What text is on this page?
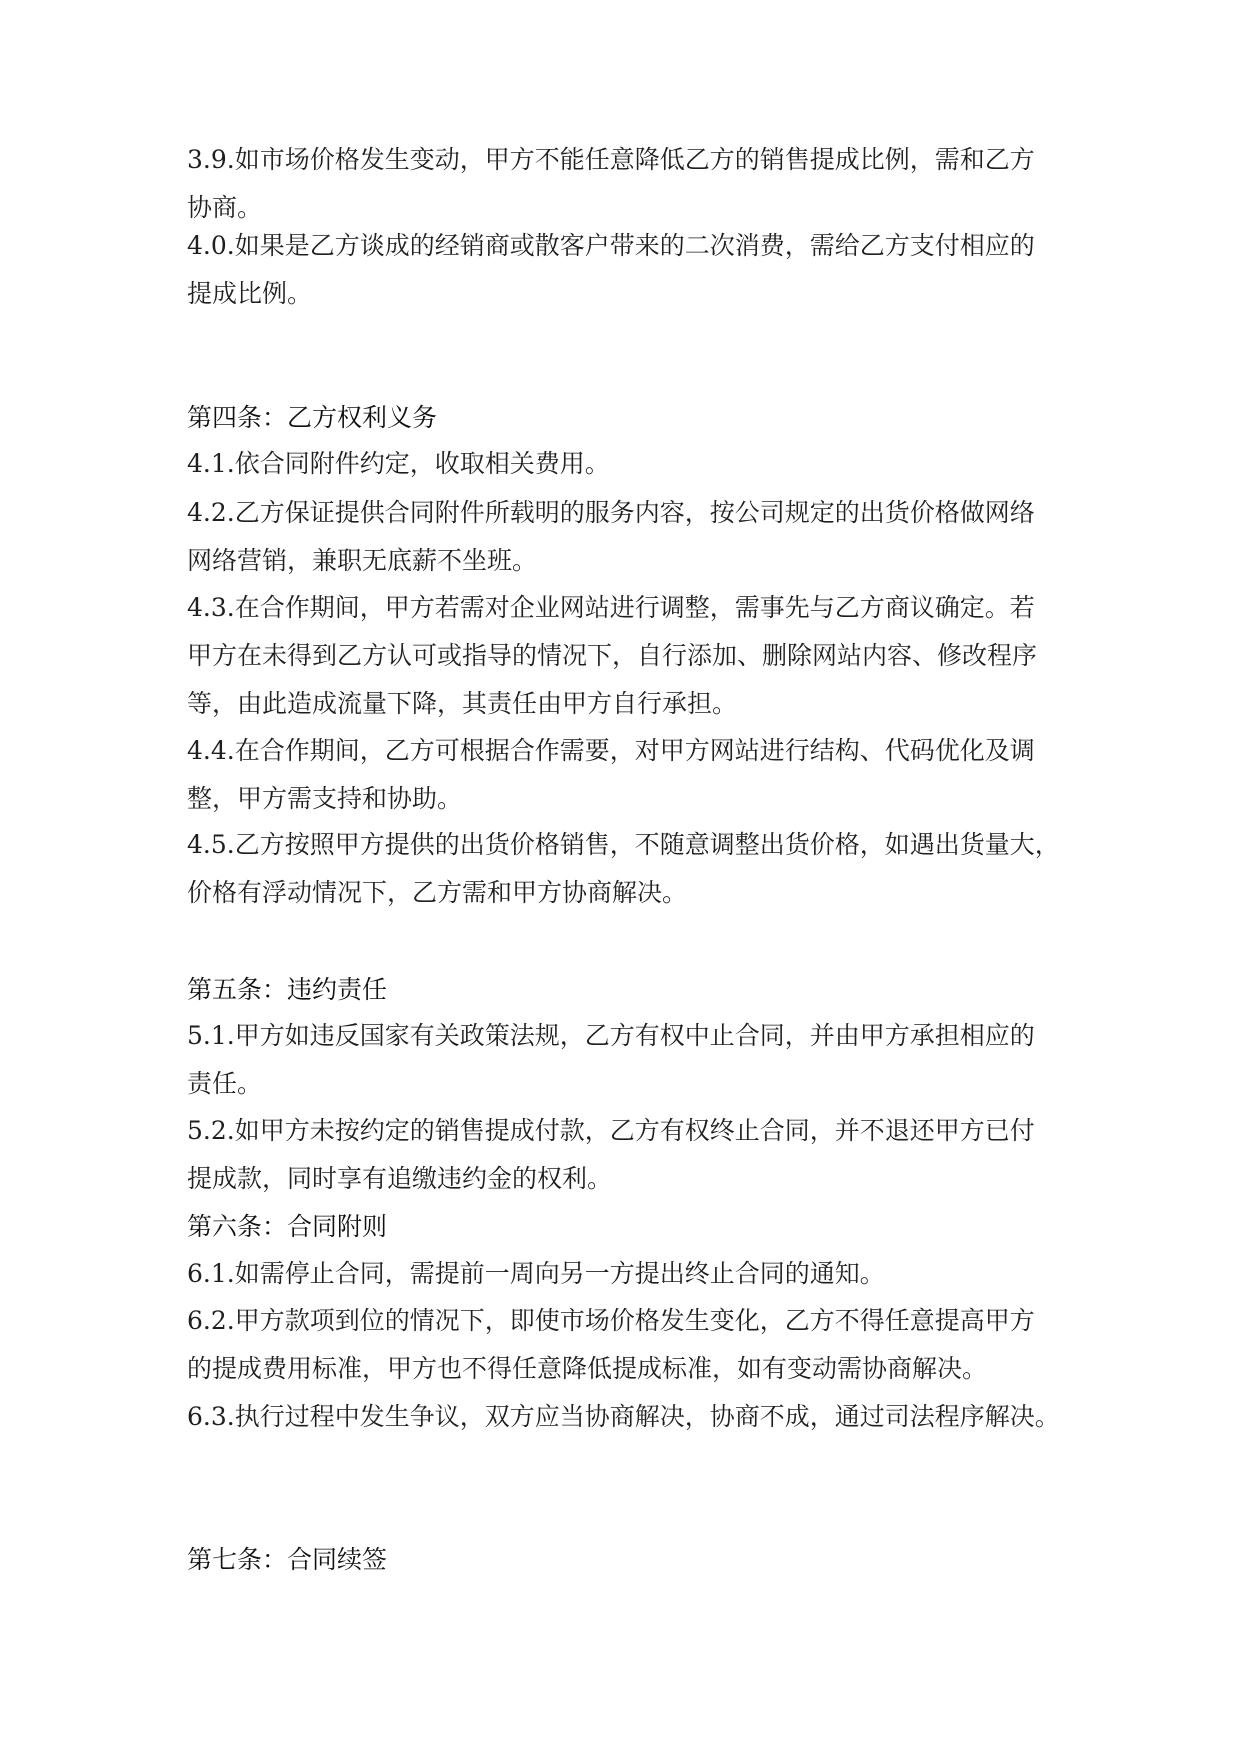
3.9.如市场价格发生变动，甲方不能任意降低乙方的销售提成比例，需和乙方
协商。
4.0.如果是乙方谈成的经销商或散客户带来的二次消费，需给乙方支付相应的
提成比例。
第四条：乙方权利义务
4.1.依合同附件约定，收取相关费用。
4.2.乙方保证提供合同附件所载明的服务内容，按公司规定的出货价格做网络
网络营销，兼职无底薪不坐班。
4.3.在合作期间，甲方若需对企业网站进行调整，需事先与乙方商议确定。若
甲方在未得到乙方认可或指导的情况下，自行添加、删除网站内容、修改程序
等，由此造成流量下降，其责任由甲方自行承担。
4.4.在合作期间，乙方可根据合作需要，对甲方网站进行结构、代码优化及调
整，甲方需支持和协助。
4.5.乙方按照甲方提供的出货价格销售，不随意调整出货价格，如遇出货量大，
价格有浮动情况下，乙方需和甲方协商解决。
第五条：违约责任
5.1.甲方如违反国家有关政策法规，乙方有权中止合同，并由甲方承担相应的
责任。
5.2.如甲方未按约定的销售提成付款，乙方有权终止合同，并不退还甲方已付
提成款，同时享有追缴违约金的权利。
第六条：合同附则
6.1.如需停止合同，需提前一周向另一方提出终止合同的通知。
6.2.甲方款项到位的情况下，即使市场价格发生变化，乙方不得任意提高甲方
的提成费用标准，甲方也不得任意降低提成标准，如有变动需协商解决。
6.3.执行过程中发生争议，双方应当协商解决，协商不成，通过司法程序解决。
第七条：合同续签
